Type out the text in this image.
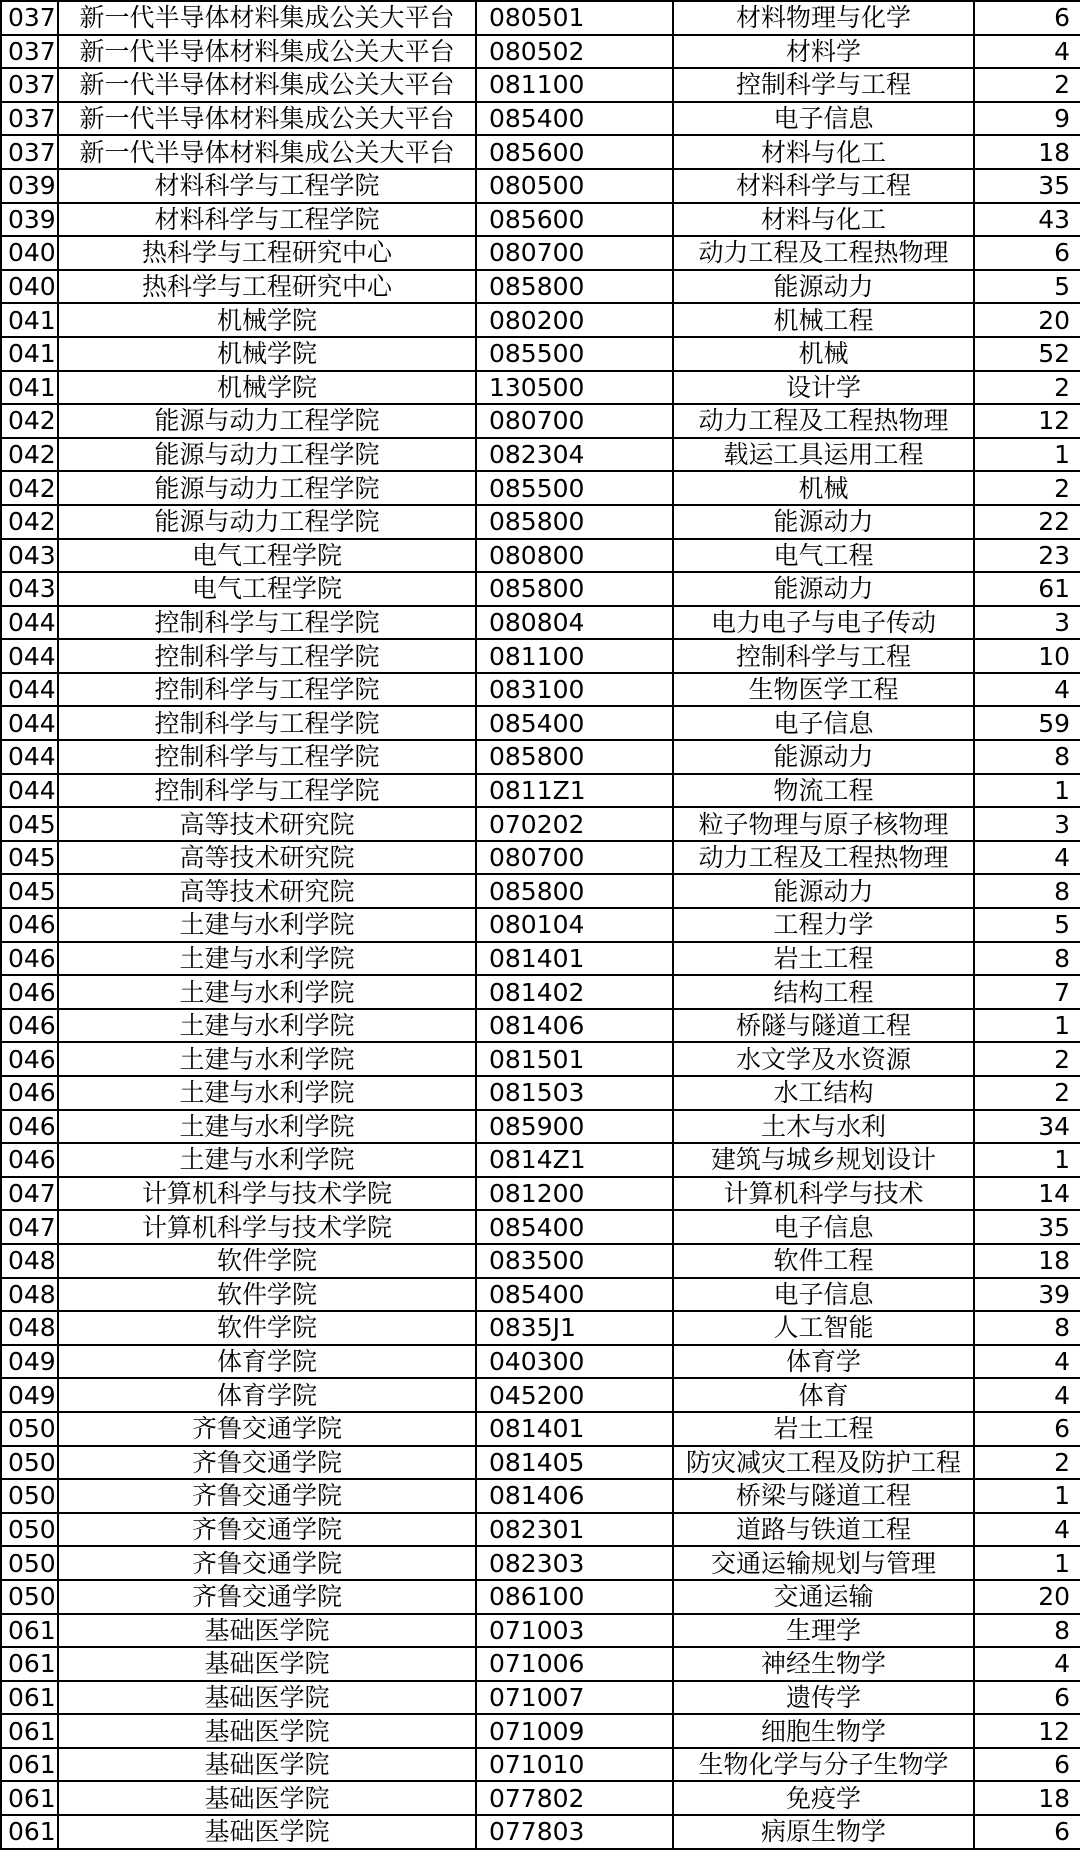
037	新一代半导体材料集成公关大平台	080501	材料物理与化学	6
037	新一代半导体材料集成公关大平台	080502	材料学	4
037	新一代半导体材料集成公关大平台	081100	控制科学与工程	2
037	新一代半导体材料集成公关大平台	085400	电子信息	9
037	新一代半导体材料集成公关大平台	085600	材料与化工	18
039	材料科学与工程学院	080500	材料科学与工程	35
039	材料科学与工程学院	085600	材料与化工	43
040	热科学与工程研究中心	080700	动力工程及工程热物理	6
040	热科学与工程研究中心	085800	能源动力	5
041	机械学院	080200	机械工程	20
041	机械学院	085500	机械	52
041	机械学院	130500	设计学	2
042	能源与动力工程学院	080700	动力工程及工程热物理	12
042	能源与动力工程学院	082304	载运工具运用工程	1
042	能源与动力工程学院	085500	机械	2
042	能源与动力工程学院	085800	能源动力	22
043	电气工程学院	080800	电气工程	23
043	电气工程学院	085800	能源动力	61
044	控制科学与工程学院	080804	电力电子与电子传动	3
044	控制科学与工程学院	081100	控制科学与工程	10
044	控制科学与工程学院	083100	生物医学工程	4
044	控制科学与工程学院	085400	电子信息	59
044	控制科学与工程学院	085800	能源动力	8
044	控制科学与工程学院	0811Z1	物流工程	1
045	高等技术研究院	070202	粒子物理与原子核物理	3
045	高等技术研究院	080700	动力工程及工程热物理	4
045	高等技术研究院	085800	能源动力	8
046	土建与水利学院	080104	工程力学	5
046	土建与水利学院	081401	岩土工程	8
046	土建与水利学院	081402	结构工程	7
046	土建与水利学院	081406	桥隧与隧道工程	1
046	土建与水利学院	081501	水文学及水资源	2
046	土建与水利学院	081503	水工结构	2
046	土建与水利学院	085900	土木与水利	34
046	土建与水利学院	0814Z1	建筑与城乡规划设计	1
047	计算机科学与技术学院	081200	计算机科学与技术	14
047	计算机科学与技术学院	085400	电子信息	35
048	软件学院	083500	软件工程	18
048	软件学院	085400	电子信息	39
048	软件学院	0835J1	人工智能	8
049	体育学院	040300	体育学	4
049	体育学院	045200	体育	4
050	齐鲁交通学院	081401	岩土工程	6
050	齐鲁交通学院	081405	防灾减灾工程及防护工程	2
050	齐鲁交通学院	081406	桥梁与隧道工程	1
050	齐鲁交通学院	082301	道路与铁道工程	4
050	齐鲁交通学院	082303	交通运输规划与管理	1
050	齐鲁交通学院	086100	交通运输	20
061	基础医学院	071003	生理学	8
061	基础医学院	071006	神经生物学	4
061	基础医学院	071007	遗传学	6
061	基础医学院	071009	细胞生物学	12
061	基础医学院	071010	生物化学与分子生物学	6
061	基础医学院	077802	免疫学	18
061	基础医学院	077803	病原生物学	6
